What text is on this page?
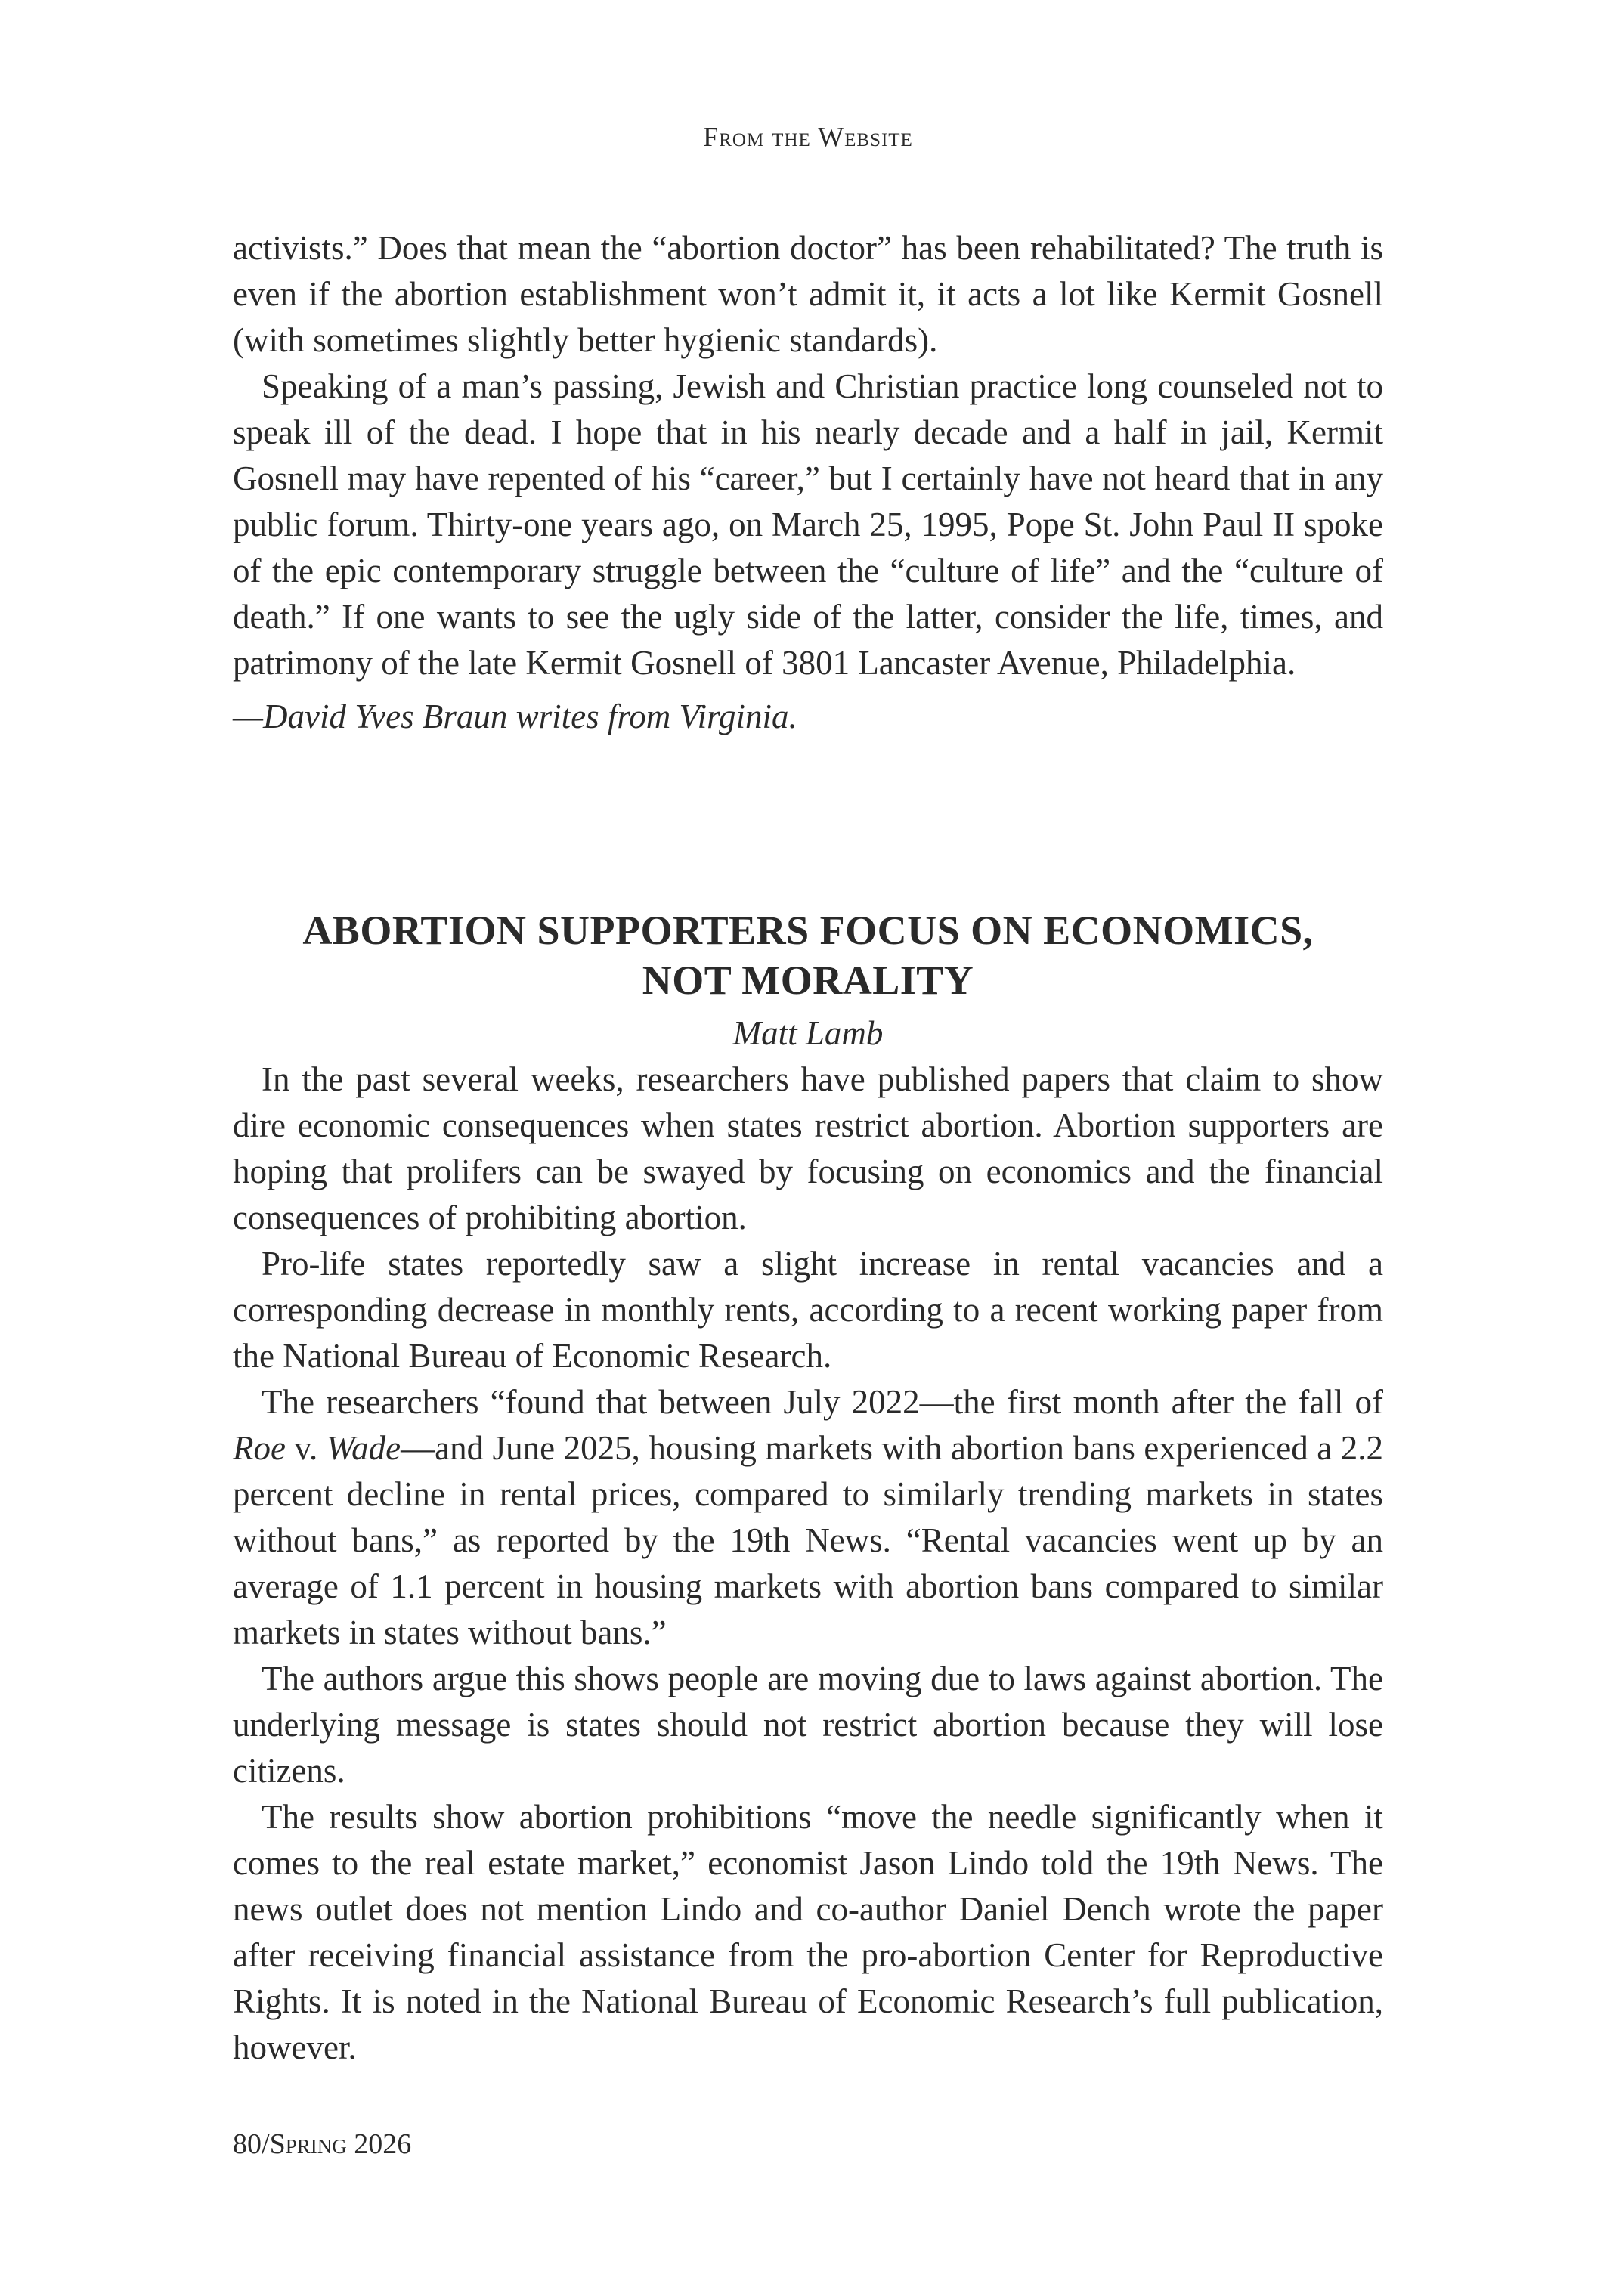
From the Website

activists.” Does that mean the “abortion doctor” has been rehabilitated? The truth is even if the abortion establishment won’t admit it, it acts a lot like Kermit Gosnell (with sometimes slightly better hygienic standards).

Speaking of a man’s passing, Jewish and Christian practice long counseled not to speak ill of the dead. I hope that in his nearly decade and a half in jail, Kermit Gosnell may have repented of his “career,” but I certainly have not heard that in any public forum. Thirty-one years ago, on March 25, 1995, Pope St. John Paul II spoke of the epic contemporary struggle between the “culture of life” and the “culture of death.” If one wants to see the ugly side of the latter, consider the life, times, and patrimony of the late Kermit Gosnell of 3801 Lancaster Avenue, Philadelphia.

—David Yves Braun writes from Virginia.
ABORTION SUPPORTERS FOCUS ON ECONOMICS,
NOT MORALITY
Matt Lamb

In the past several weeks, researchers have published papers that claim to show dire economic consequences when states restrict abortion. Abortion supporters are hoping that prolifers can be swayed by focusing on economics and the financial consequences of prohibiting abortion.

Pro-life states reportedly saw a slight increase in rental vacancies and a corresponding decrease in monthly rents, according to a recent working paper from the National Bureau of Economic Research.

The researchers “found that between July 2022—the first month after the fall of Roe v. Wade—and June 2025, housing markets with abortion bans experienced a 2.2 percent decline in rental prices, compared to similarly trending markets in states without bans,” as reported by the 19th News. “Rental vacancies went up by an average of 1.1 percent in housing markets with abortion bans compared to similar markets in states without bans.”

The authors argue this shows people are moving due to laws against abortion. The underlying message is states should not restrict abortion because they will lose citizens.

The results show abortion prohibitions “move the needle significantly when it comes to the real estate market,” economist Jason Lindo told the 19th News. The news outlet does not mention Lindo and co-author Daniel Dench wrote the paper after receiving financial assistance from the pro-abortion Center for Reproductive Rights. It is noted in the National Bureau of Economic Research’s full publication, however.

80/Spring 2026
